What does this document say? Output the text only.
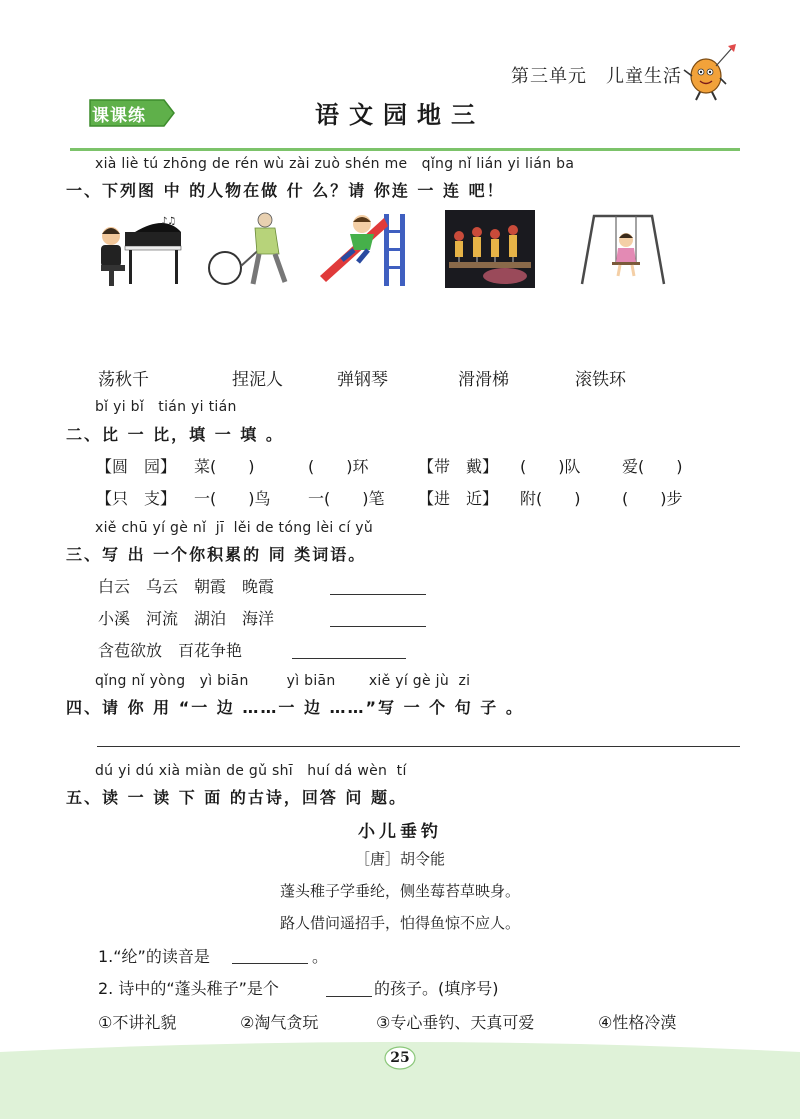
第三单元　儿童生活
课课练	语文园地三
xià liè tú zhōng de rén wù zài zuò shén me   qǐng nǐ lián yi lián ba
一、下列图 中 的人物在做 什 么？请 你连 一 连 吧！
♪♫
荡秋千	捏泥人	弹钢琴	滑滑梯	滚铁环
bǐ yi bǐ   tián yi tián
二、比 一 比，填 一 填 。
【圆　园】 菜(　　)	(　　)环	【带　戴】 (　　)队	爱(　　)
【只　支】 一(　　)鸟 一(　　)笔 【进　近】 附(　　)	(　　)步
xiě chū yí gè nǐ  jī  lěi de tóng lèi cí yǔ
三、写 出 一个你积累的 同 类词语。
白云　乌云　朝霞　晚霞
小溪　河流　湖泊　海洋
含苞欲放　百花争艳
qǐng nǐ yòng   yì biān        yì biān       xiě yí gè jù  zi
四、请 你 用 “一 边 ……一 边 ……”写 一 个 句 子 。
dú yi dú xià miàn de gǔ shī   huí dá wèn  tí
五、读 一 读 下 面 的古诗，回答 问 题。
小儿垂钓
［唐］胡令能
蓬头稚子学垂纶，侧坐莓苔草映身。
路人借问遥招手，怕得鱼惊不应人。
1.“纶”的读音是	。
2. 诗中的“蓬头稚子”是个	的孩子。(填序号)
①不讲礼貌	②淘气贪玩	③专心垂钓、天真可爱	④性格冷漠
25
